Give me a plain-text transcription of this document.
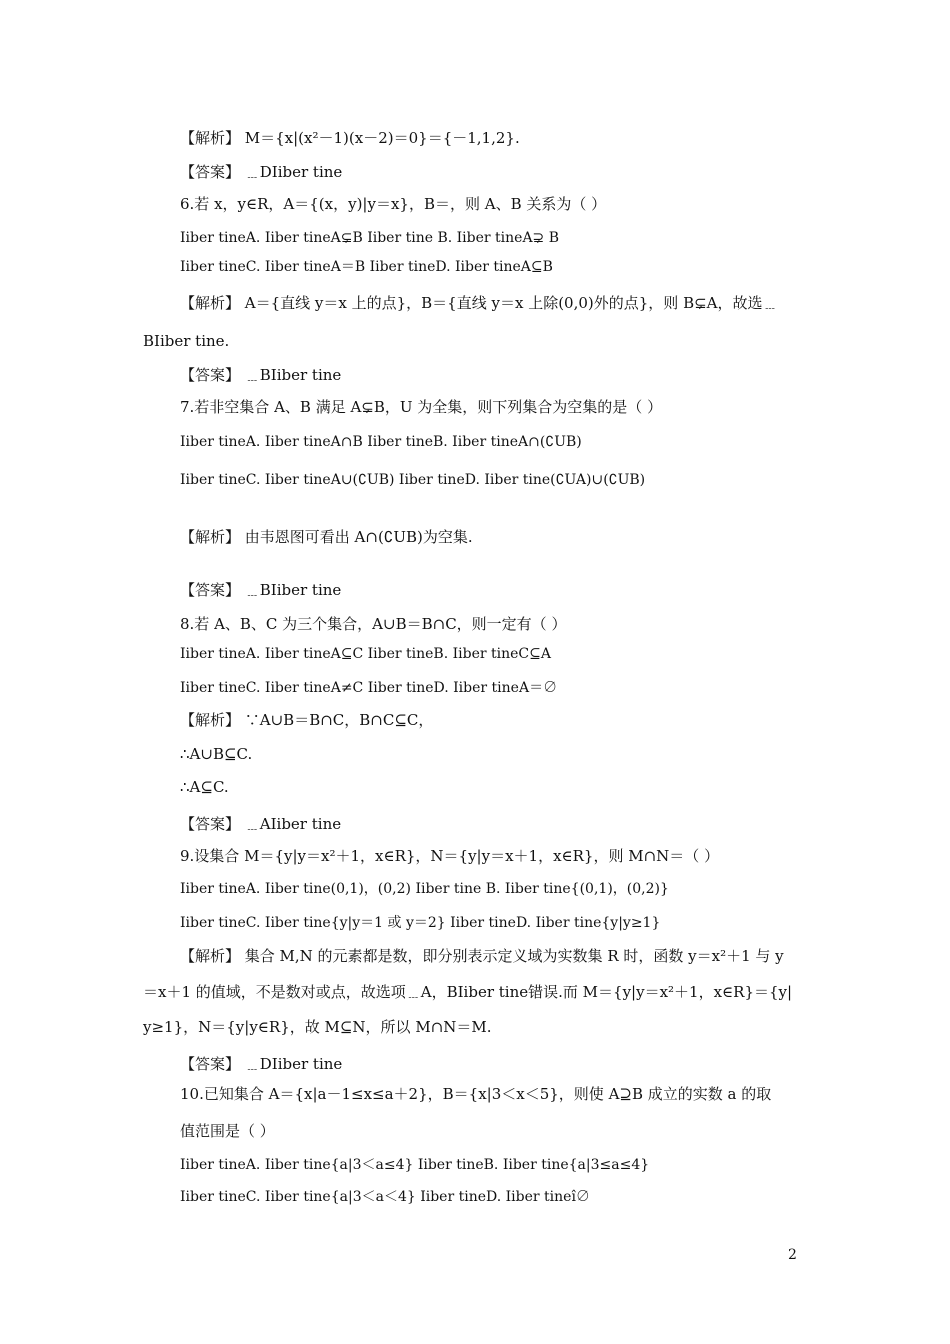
【解析】 M＝{x|(x²－1)(x－2)＝0}＝{－1,1,2}.
【答案】 ﹍DIiber tine
6.若 x，y∈R，A＝{(x，y)|y＝x}，B＝，则 A、B 关系为（ ）
Iiber tineA. Iiber tineA⊊B Iiber tine B. Iiber tineA⊋ B
Iiber tineC. Iiber tineA＝B Iiber tineD. Iiber tineA⊆B
【解析】 A＝{直线 y＝x 上的点}，B＝{直线 y＝x 上除(0,0)外的点}，则 B⊊A，故选﹍
BIiber tine.
【答案】 ﹍BIiber tine
7.若非空集合 A、B 满足 A⊊B，U 为全集，则下列集合为空集的是（ ）
Iiber tineA. Iiber tineA∩B Iiber tineB. Iiber tineA∩(∁UB)
Iiber tineC. Iiber tineA∪(∁UB) Iiber tineD. Iiber tine(∁UA)∪(∁UB)
【解析】 由韦恩图可看出 A∩(∁UB)为空集.
【答案】 ﹍BIiber tine
8.若 A、B、C 为三个集合，A∪B＝B∩C，则一定有（ ）
Iiber tineA. Iiber tineA⊆C Iiber tineB. Iiber tineC⊆A
Iiber tineC. Iiber tineA≠C Iiber tineD. Iiber tineA＝∅
【解析】 ∵A∪B＝B∩C，B∩C⊆C，
∴A∪B⊆C.
∴A⊆C.
【答案】 ﹍AIiber tine
9.设集合 M＝{y|y＝x²＋1，x∈R}，N＝{y|y＝x＋1，x∈R}，则 M∩N＝（ ）
Iiber tineA. Iiber tine(0,1)，(0,2) Iiber tine B. Iiber tine{(0,1)，(0,2)}
Iiber tineC. Iiber tine{y|y＝1 或 y＝2} Iiber tineD. Iiber tine{y|y≥1}
【解析】 集合 M,N 的元素都是数，即分别表示定义域为实数集 R 时，函数 y＝x²＋1 与 y
＝x＋1 的值域，不是数对或点，故选项﹍A，BIiber tine错误.而 M＝{y|y＝x²＋1，x∈R}＝{y|
y≥1}，N＝{y|y∈R}，故 M⊆N，所以 M∩N＝M.
【答案】 ﹍DIiber tine
10.已知集合 A＝{x|a－1≤x≤a＋2}，B＝{x|3＜x＜5}，则使 A⊇B 成立的实数 a 的取
值范围是（ ）
Iiber tineA. Iiber tine{a|3＜a≤4} Iiber tineB. Iiber tine{a|3≤a≤4}
Iiber tineC. Iiber tine{a|3＜a＜4} Iiber tineD. Iiber tineî∅
2
